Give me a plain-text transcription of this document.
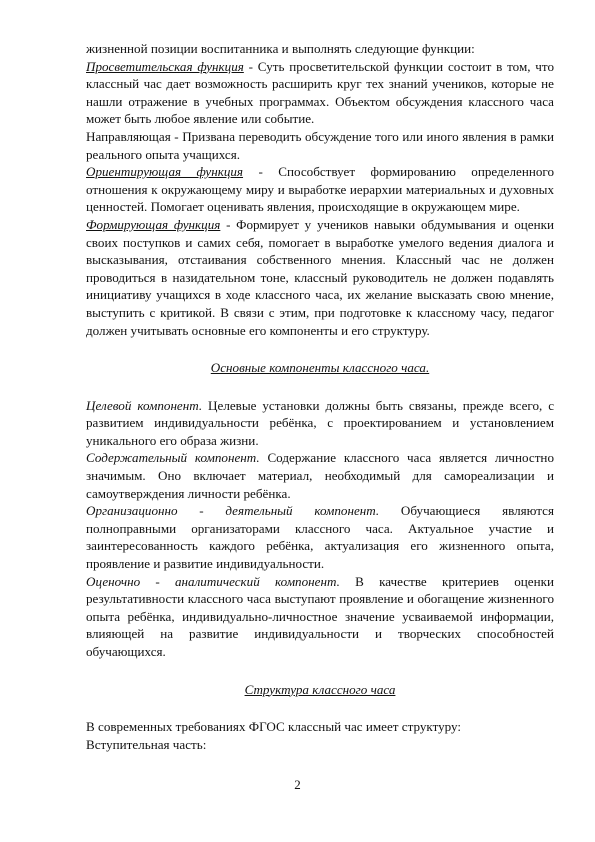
жизненной позиции воспитанника и выполнять следующие функции:

Просветительская функция - Суть просветительской функции состоит в том, что классный час дает возможность расширить круг тех знаний учеников, которые не нашли отражение в учебных программах. Объектом обсуждения классного часа может быть любое явление или событие.

Направляющая - Призвана переводить обсуждение того или иного явления в рамки реального опыта учащихся.

Ориентирующая функция - Способствует формированию определенного отношения к окружающему миру и выработке иерархии материальных и духовных ценностей. Помогает оценивать явления, происходящие в окружающем мире.

Формирующая функция - Формирует у учеников навыки обдумывания и оценки своих поступков и самих себя, помогает в выработке умелого ведения диалога и высказывания, отстаивания собственного мнения. Классный час не должен проводиться в назидательном тоне, классный руководитель не должен подавлять инициативу учащихся в ходе классного часа, их желание высказать свою мнение, выступить с критикой. В связи с этим, при подготовке к классному часу, педагог должен учитывать основные его компоненты и его структуру.

Основные компоненты классного часа.

Целевой компонент. Целевые установки должны быть связаны, прежде всего, с развитием индивидуальности ребёнка, с проектированием и установлением уникального его образа жизни.

Содержательный компонент. Содержание классного часа является личностно значимым. Оно включает материал, необходимый для самореализации и самоутверждения личности ребёнка.

Организационно - деятельный компонент. Обучающиеся являются полноправными организаторами классного часа. Актуальное участие и заинтересованность каждого ребёнка, актуализация его жизненного опыта, проявление и развитие индивидуальности.

Оценочно - аналитический компонент. В качестве критериев оценки результативности классного часа выступают проявление и обогащение жизненного опыта ребёнка, индивидуально-личностное значение усваиваемой информации, влияющей на развитие индивидуальности и творческих способностей обучающихся.

Структура классного часа

В современных требованиях ФГОС классный час имеет структуру:

Вступительная часть:

2
